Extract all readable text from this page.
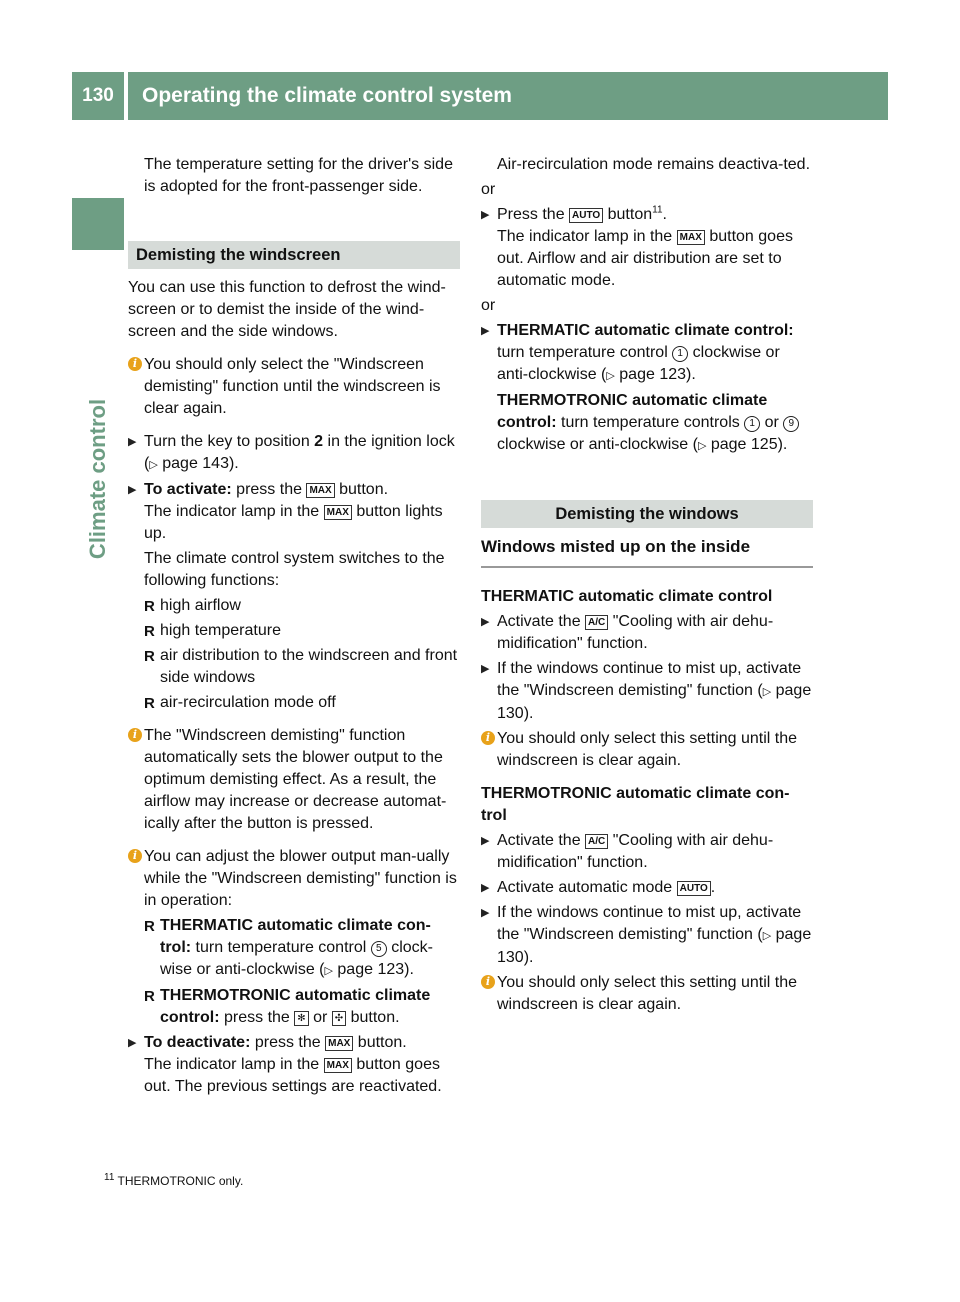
130	Operating the climate control system
Climate control

The temperature setting for the driver's side is adopted for the front-passenger side.

Demisting the windscreen

You can use this function to defrost the wind-screen or to demist the inside of the wind-screen and the side windows.

i You should only select the "Windscreen demisting" function until the windscreen is clear again.
▶ Turn the key to position 2 in the ignition lock (▷ page 143).
▶ To activate: press the MAX button.
The indicator lamp in the MAX button lights up.
The climate control system switches to the following functions:
R high airflow
R high temperature
R air distribution to the windscreen and front side windows
R air-recirculation mode off
i The "Windscreen demisting" function automatically sets the blower output to the optimum demisting effect. As a result, the airflow may increase or decrease automat-ically after the button is pressed.
i You can adjust the blower output man-ually while the "Windscreen demisting" function is in operation:
R THERMATIC automatic climate con-trol: turn temperature control 5 clock-wise or anti-clockwise (▷ page 123).
R THERMOTRONIC automatic climate control: press the ✻ or ✣ button.
▶ To deactivate: press the MAX button.
The indicator lamp in the MAX button goes out. The previous settings are reactivated.

Air-recirculation mode remains deactiva-ted.

or

▶ Press the AUTO button$^{11}$.
The indicator lamp in the MAX button goes out. Airflow and air distribution are set to automatic mode.

or

▶ THERMATIC automatic climate control: turn temperature control 1 clockwise or anti-clockwise (▷ page 123).
THERMOTRONIC automatic climate control: turn temperature controls 1 or 9 clockwise or anti-clockwise (▷ page 125).
Demisting the windows
Windows misted up on the inside

THERMATIC automatic climate control

▶ Activate the A/C "Cooling with air dehu-midification" function.
▶ If the windows continue to mist up, activate the "Windscreen demisting" function (▷ page 130).
i You should only select this setting until the windscreen is clear again.

THERMOTRONIC automatic climate con-trol

▶ Activate the A/C "Cooling with air dehu-midification" function.
▶ Activate automatic mode AUTO .
▶ If the windows continue to mist up, activate the "Windscreen demisting" function (▷ page 130).
i You should only select this setting until the windscreen is clear again.
$^{11}$ THERMOTRONIC only.
